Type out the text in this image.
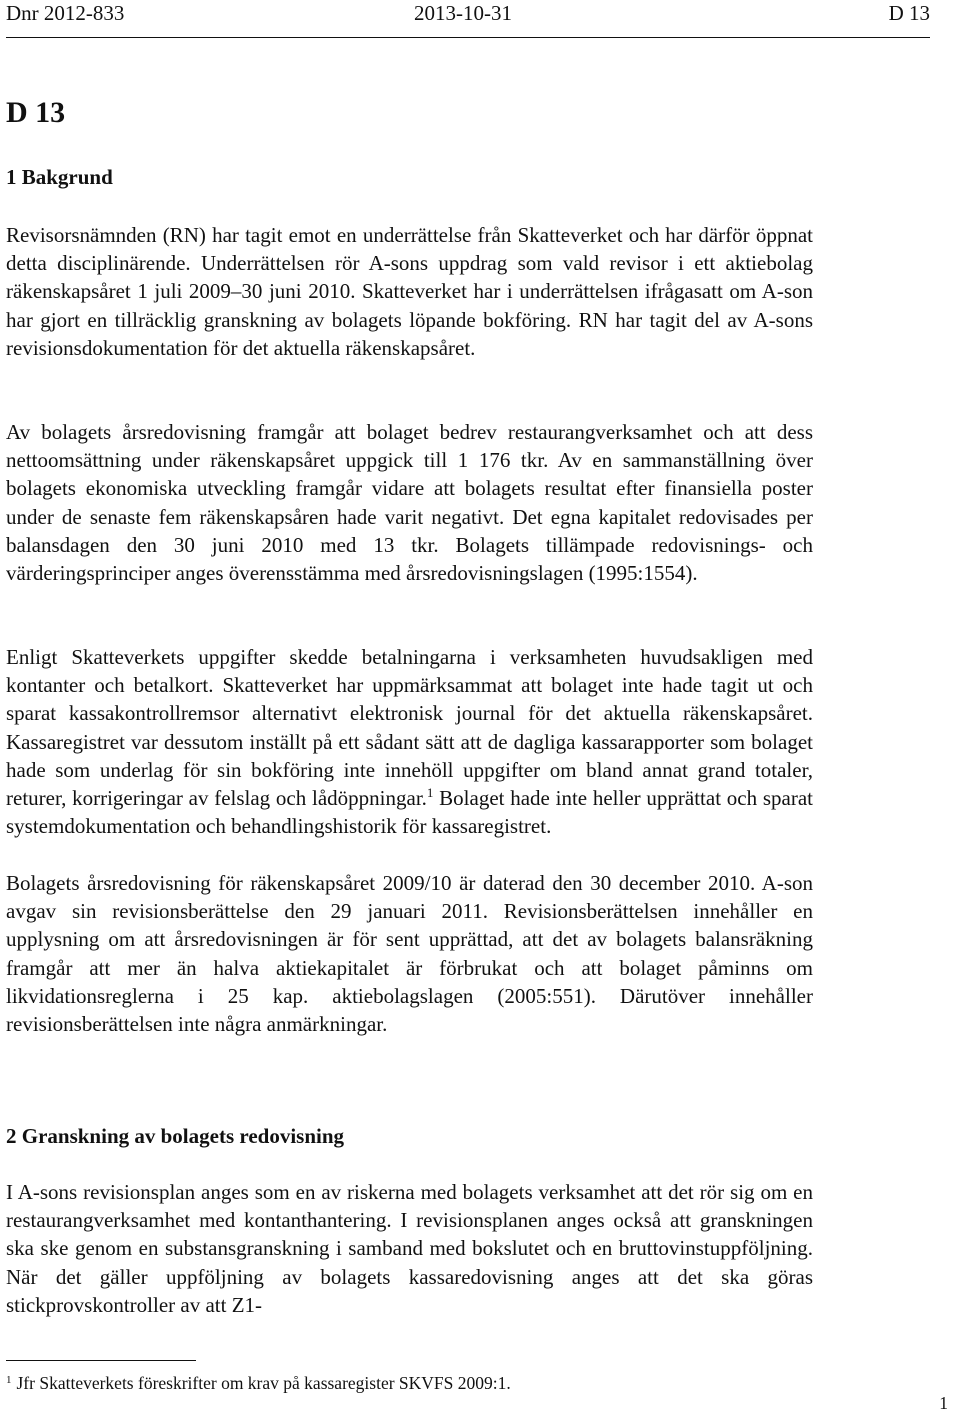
Dnr 2012-833	2013-10-31	D 13
D 13
1 Bakgrund

Revisorsnämnden (RN) har tagit emot en underrättelse från Skatteverket och har därför öppnat detta disciplinärende. Underrättelsen rör A-sons uppdrag som vald revisor i ett aktiebolag räkenskapsåret 1 juli 2009–30 juni 2010. Skatteverket har i underrättelsen ifrågasatt om A-son har gjort en tillräcklig granskning av bolagets löpande bokföring. RN har tagit del av A-sons revisionsdokumentation för det aktuella räkenskapsåret.

Av bolagets årsredovisning framgår att bolaget bedrev restaurangverksamhet och att dess nettoomsättning under räkenskapsåret uppgick till 1 176 tkr. Av en sammanställning över bolagets ekonomiska utveckling framgår vidare att bolagets resultat efter finansiella poster under de senaste fem räkenskapsåren hade varit negativt. Det egna kapitalet redovisades per balansdagen den 30 juni 2010 med 13 tkr. Bolagets tillämpade redovisnings- och värderingsprinciper anges överensstämma med årsredovisningslagen (1995:1554).

Enligt Skatteverkets uppgifter skedde betalningarna i verksamheten huvudsakligen med kontanter och betalkort. Skatteverket har uppmärksammat att bolaget inte hade tagit ut och sparat kassakontrollremsor alternativt elektronisk journal för det aktuella räkenskapsåret. Kassaregistret var dessutom inställt på ett sådant sätt att de dagliga kassarapporter som bolaget hade som underlag för sin bokföring inte innehöll uppgifter om bland annat grand totaler, returer, korrigeringar av felslag och lådöppningar.$^1$ Bolaget hade inte heller upprättat och sparat systemdokumentation och behandlingshistorik för kassaregistret.

Bolagets årsredovisning för räkenskapsåret 2009/10 är daterad den 30 december 2010. A-son avgav sin revisionsberättelse den 29 januari 2011. Revisionsberättelsen innehåller en upplysning om att årsredovisningen är för sent upprättad, att det av bolagets balansräkning framgår att mer än halva aktiekapitalet är förbrukat och att bolaget påminns om likvidationsreglerna i 25 kap. aktiebolagslagen (2005:551). Därutöver innehåller revisionsberättelsen inte några anmärkningar.

2 Granskning av bolagets redovisning

I A-sons revisionsplan anges som en av riskerna med bolagets verksamhet att det rör sig om en restaurangverksamhet med kontanthantering. I revisionsplanen anges också att granskningen ska ske genom en substansgranskning i samband med bokslutet och en bruttovinstuppföljning. När det gäller uppföljning av bolagets kassaredovisning anges att det ska göras stickprovskontroller av att Z1-

$^1$ Jfr Skatteverkets föreskrifter om krav på kassaregister SKVFS 2009:1.
1
